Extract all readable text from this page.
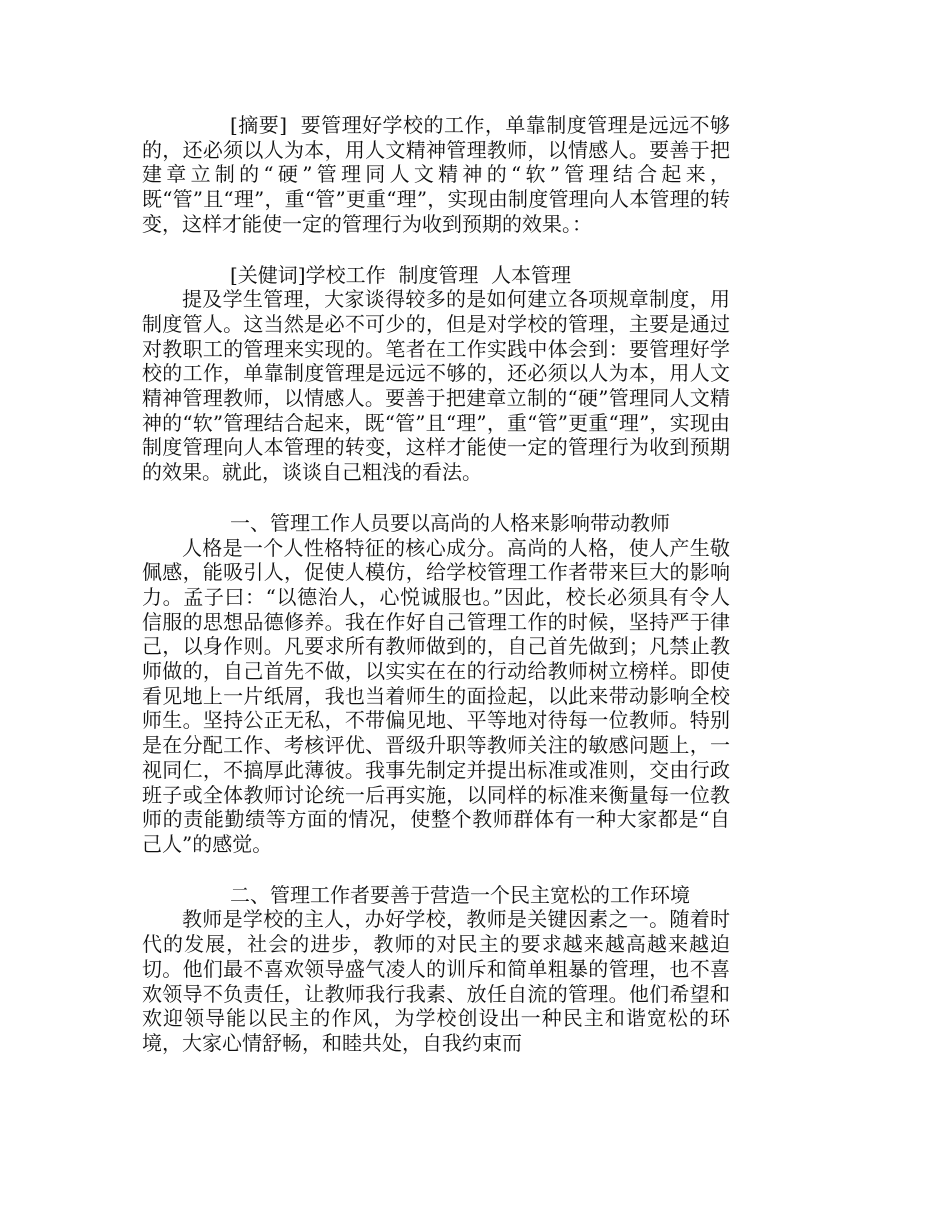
[摘要] 要管理好学校的工作，单靠制度管理是远远不够的，还必须以人为本，用人文精神管理教师，以情感人。要善于把建章立制的“硬”管理同人文精神的“软”管理结合起来，既“管”且“理”，重“管”更重“理”，实现由制度管理向人本管理的转变，这样才能使一定的管理行为收到预期的效果。：

[关健词]学校工作  制度管理  人本管理

提及学生管理，大家谈得较多的是如何建立各项规章制度，用制度管人。这当然是必不可少的，但是对学校的管理，主要是通过对教职工的管理来实现的。笔者在工作实践中体会到：要管理好学校的工作，单靠制度管理是远远不够的，还必须以人为本，用人文精神管理教师，以情感人。要善于把建章立制的“硬”管理同人文精神的“软”管理结合起来，既“管”且“理”，重“管”更重“理”，实现由制度管理向人本管理的转变，这样才能使一定的管理行为收到预期的效果。就此，谈谈自己粗浅的看法。

一、管理工作人员要以高尚的人格来影响带动教师

人格是一个人性格特征的核心成分。高尚的人格，使人产生敬佩感，能吸引人，促使人模仿，给学校管理工作者带来巨大的影响力。孟子曰：“以德治人，心悦诚服也。”因此，校长必须具有令人信服的思想品德修养。我在作好自己管理工作的时候，坚持严于律己，以身作则。凡要求所有教师做到的，自己首先做到；凡禁止教师做的，自己首先不做，以实实在在的行动给教师树立榜样。即使看见地上一片纸屑，我也当着师生的面捡起，以此来带动影响全校师生。坚持公正无私，不带偏见地、平等地对待每一位教师。特别是在分配工作、考核评优、晋级升职等教师关注的敏感问题上，一视同仁，不搞厚此薄彼。我事先制定并提出标准或准则，交由行政班子或全体教师讨论统一后再实施，以同样的标准来衡量每一位教师的责能勤绩等方面的情况，使整个教师群体有一种大家都是“自己人”的感觉。

二、管理工作者要善于营造一个民主宽松的工作环境

教师是学校的主人，办好学校，教师是关键因素之一。随着时代的发展，社会的进步，教师的对民主的要求越来越高越来越迫切。他们最不喜欢领导盛气凌人的训斥和简单粗暴的管理，也不喜欢领导不负责任，让教师我行我素、放任自流的管理。他们希望和欢迎领导能以民主的作风，为学校创设出一种民主和谐宽松的环境，大家心情舒畅，和睦共处，自我约束而
